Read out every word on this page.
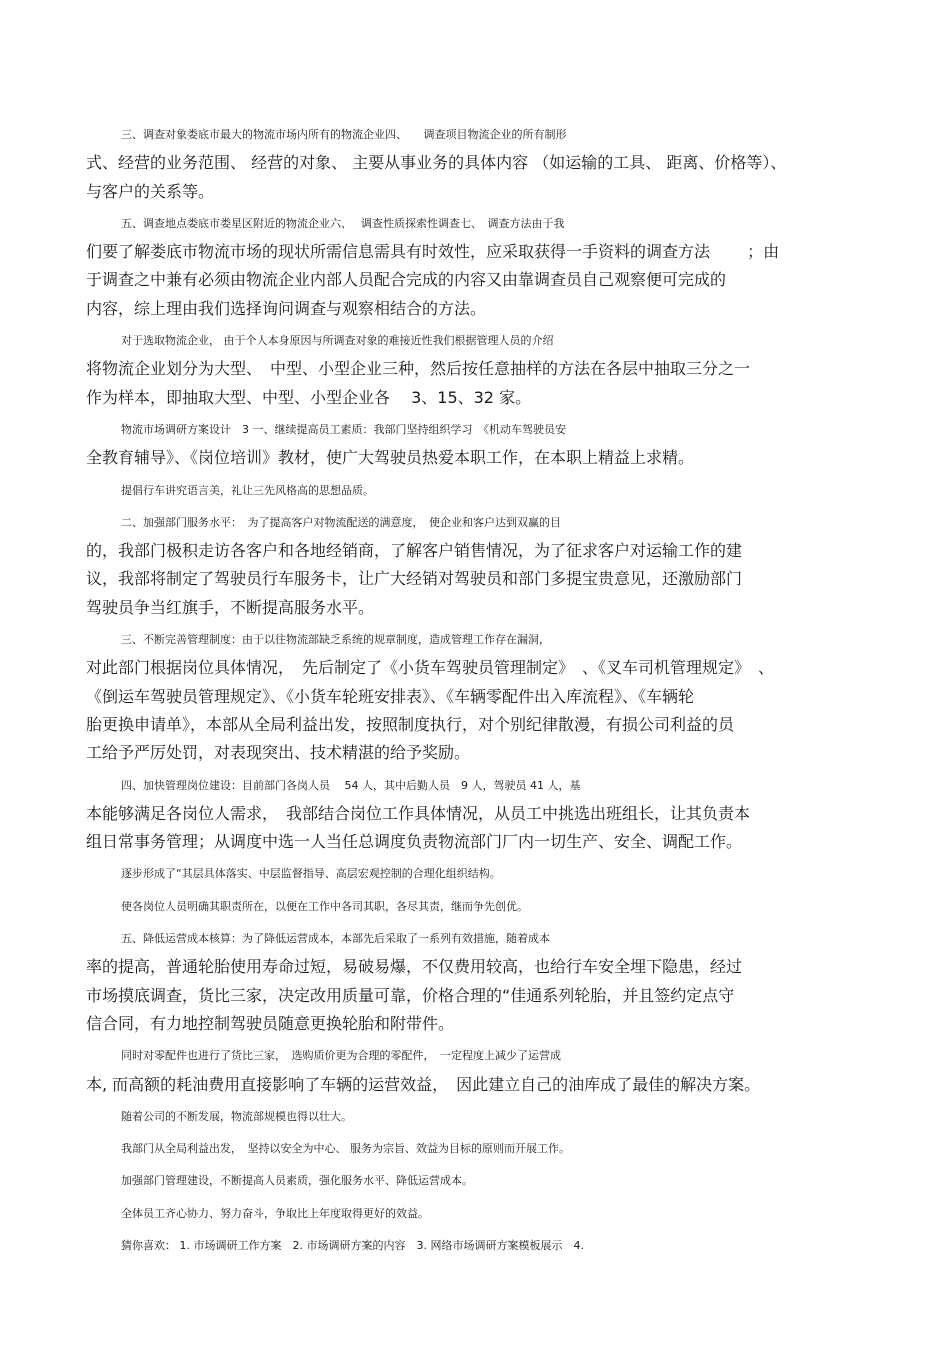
三、调查对象娄底市最大的物流市场内所有的物流企业四、　　调查项目物流企业的所有制形
式、经营的业务范围、 经营的对象、 主要从事业务的具体内容 （如运输的工具、 距离、价格等）、
与客户的关系等。
五、调查地点娄底市娄星区附近的物流企业六、　 调查性质探索性调查七、　调查方法由于我
们要了解娄底市物流市场的现状所需信息需具有时效性，应采取获得一手资料的调查方法　　 ；由
于调查之中兼有必须由物流企业内部人员配合完成的内容又由靠调查员自己观察便可完成的
内容，综上理由我们选择询问调查与观察相结合的方法。
对于选取物流企业， 由于个人本身原因与所调查对象的难接近性我们根据管理人员的介绍
将物流企业划分为大型、　中型、小型企业三种，然后按任意抽样的方法在各层中抽取三分之一
作为样本，即抽取大型、中型、小型企业各　 3、15、32 家。
物流市场调研方案设计　3 一、继续提高员工素质：我部门坚持组织学习　《机动车驾驶员安
全教育辅导》、《岗位培训》教材，使广大驾驶员热爱本职工作，在本职上精益上求精。
提倡行车讲究语言美，礼让三先风格高的思想品质。
二、加强部门服务水平：　为了提高客户对物流配送的满意度，　使企业和客户达到双赢的目
的，我部门极积走访各客户和各地经销商，了解客户销售情况，为了征求客户对运输工作的建
议，我部将制定了驾驶员行车服务卡，让广大经销对驾驶员和部门多提宝贵意见，还激励部门
驾驶员争当红旗手，不断提高服务水平。
三、不断完善管理制度：由于以往物流部缺乏系统的规章制度，造成管理工作存在漏洞，
对此部门根据岗位具体情况，　先后制定了《小货车驾驶员管理制定》　、《叉车司机管理规定》　、
《倒运车驾驶员管理规定》、《小货车轮班安排表》、《车辆零配件出入库流程》、《车辆轮
胎更换申请单》，本部从全局利益出发，按照制度执行，对个别纪律散漫，有损公司利益的员
工给予严厉处罚，对表现突出、技术精湛的给予奖励。
四、加快管理岗位建设：目前部门各岗人员　 54 人，其中后勤人员　9 人，驾驶员 41 人，基
本能够满足各岗位人需求，　我部结合岗位工作具体情况，从员工中挑选出班组长，让其负责本
组日常事务管理；从调度中选一人当任总调度负责物流部门厂内一切生产、安全、调配工作。
逐步形成了“其层具体落实、中层监督指导、高层宏观控制的合理化组织结构。
使各岗位人员明确其职责所在，以便在工作中各司其职，各尽其责，继而争先创优。
五、降低运营成本核算：为了降低运营成本，本部先后采取了一系列有效措施，随着成本
率的提高，普通轮胎使用寿命过短，易破易爆，不仅费用较高，也给行车安全埋下隐患，经过
市场摸底调查，货比三家，决定改用质量可靠，价格合理的“佳通系列轮胎，并且签约定点守
信合同，有力地控制驾驶员随意更换轮胎和附带件。
同时对零配件也进行了货比三家，　选购质价更为合理的零配件，　一定程度上减少了运营成
本, 而高额的耗油费用直接影响了车辆的运营效益，　因此建立自己的油库成了最佳的解决方案。
随着公司的不断发展，物流部规模也得以壮大。
我部门从全局利益出发，　坚持以安全为中心、 服务为宗旨、效益为目标的原则而开展工作。
加强部门管理建设，不断提高人员素质，强化服务水平、降低运营成本。
全体员工齐心协力、努力奋斗，争取比上年度取得更好的效益。
猜你喜欢： 1. 市场调研工作方案　2. 市场调研方案的内容　3. 网络市场调研方案模板展示　4.
